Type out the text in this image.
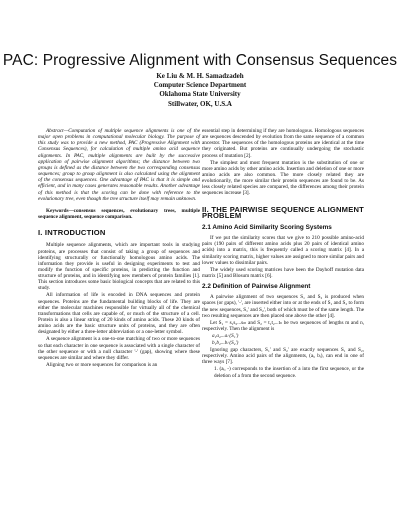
PAC: Progressive Alignment with Consensus Sequences
Ke Liu & M. H. Samadzadeh
Computer Science Department
Oklahoma State University
Stillwater, OK, U.S.A

Abstract—Computation of multiple sequence alignments is one of the major open problems in computational molecular biology. The purpose of this study was to provide a new method, PAC (Progressive Alignment with Consensus Sequences), for calculation of multiple amino acid sequence alignments. In PAC, multiple alignments are built by the successive application of pairwise alignment algorithms; the distance between two groups is defined as the distance between the two corresponding consensus sequences; group to group alignment is also calculated using the alignment of the consensus sequences. One advantage of PAC is that it is simple and efficient, and in many cases generates reasonable results. Another advantage of this method is that the scoring can be done with reference to the evolutionary tree, even though the tree structure itself may remain unknown.

Keywords—consensus sequences, evolutionary trees, multiple sequence alignment, sequence comparison.

I. INTRODUCTION

Multiple sequence alignments, which are important tools in studying proteins, are processes that consist of taking a group of sequences and identifying structurally or functionally homologous amino acids. The information they provide is useful in designing experiments to test and modify the function of specific proteins, in predicting the function and structure of proteins, and in identifying new members of protein families [1]. This section introduces some basic biological concepts that are related to this study.

All information of life is encoded in DNA sequences and protein sequences. Proteins are the fundamental building blocks of life. They are either the molecular machines responsible for virtually all of the chemical transformations that cells are capable of, or much of the structure of a cell. Protein is also a linear string of 20 kinds of amino acids. These 20 kinds of amino acids are the basic structure units of proteins, and they are often designated by either a three-letter abbreviation or a one-letter symbol.

A sequence alignment is a one-to-one matching of two or more sequences so that each character in one sequence is associated with a single character of the other sequence or with a null character '-' (gap), showing where these sequences are similar and where they differ.

Aligning two or more sequences for comparison is an

essential step in determining if they are homologous. Homologous sequences are sequences descended by evolution from the same sequence of a common ancestor. The sequences of the homologous proteins are identical at the time they originated. But proteins are continually undergoing the stochastic process of mutation [2].

The simplest and most frequent mutation is the substitution of one or more amino acids by other amino acids. Insertion and deletion of one or more amino acids are also common. The more closely related they are evolutionarily, the more similar their protein sequences are found to be. As less closely related species are compared, the differences among their protein sequences increase [3].

II. THE PAIRWISE SEQUENCE ALIGNMENT PROBLEM
2.1 Amino Acid Similarity Scoring Systems

If we put the similarity scores that we give to 210 possible amino-acid pairs (190 pairs of different amino acids plus 20 pairs of identical amino acids) into a matrix, this is frequently called a scoring matrix [4]. In a similarity scoring matrix, higher values are assigned to more similar pairs and lower values to dissimilar pairs.

The widely used scoring matrices have been the Dayhoff mutation data matrix [5] and Blosum matrix [6].

2.2 Definition of Pairwise Alignment

A pairwise alignment of two sequences S₁ and S₂ is produced when spaces (or gaps), '-', are inserted either into or at the ends of S₁ and S₂ to form the new sequences, S₁' and S₂', both of which must be of the same length. The two resulting sequences are then placed one above the other [4].

Let S₁ = s₁s₂...sₘ and S₂ = t₁t₂...tₙ be two sequences of lengths m and n, respectively. Then the alignment is

a₁a₂...aₗ (S₁')

b₁b₂...bₗ (S₂')

Ignoring gap characters, S₁' and S₂' are exactly sequences S₁ and S₂, respectively. Amino acid pairs of the alignments, (aᵢ, bᵢ), can end in one of three ways [7].

1. (aᵢ, -) corresponds to the insertion of a into the first sequence, or the deletion of a from the second sequence.
